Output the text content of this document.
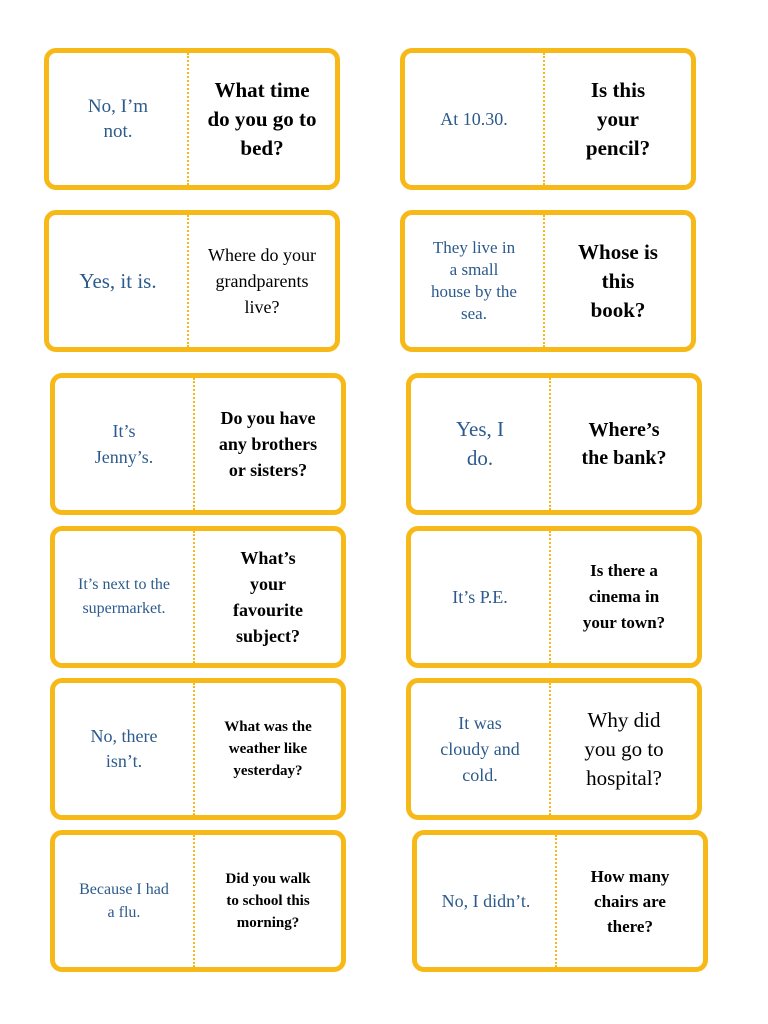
No, I’m
not.
What time
do you go to
bed?
At 10.30.
Is this
your
pencil?
Yes, it is.
Where do your
grandparents
live?
They live in
a small
house by the
sea.
Whose is
this
book?
It’s
Jenny’s.
Do you have
any brothers
or sisters?
Yes, I
do.
Where’s
the bank?
It’s next to the
supermarket.
What’s
your
favourite
subject?
It’s P.E.
Is there a
cinema in
your town?
No, there
isn’t.
What was the
weather like
yesterday?
It was
cloudy and
cold.
Why did
you go to
hospital?
Because I had
a flu.
Did you walk
to school this
morning?
No, I didn’t.
How many
chairs are
there?
